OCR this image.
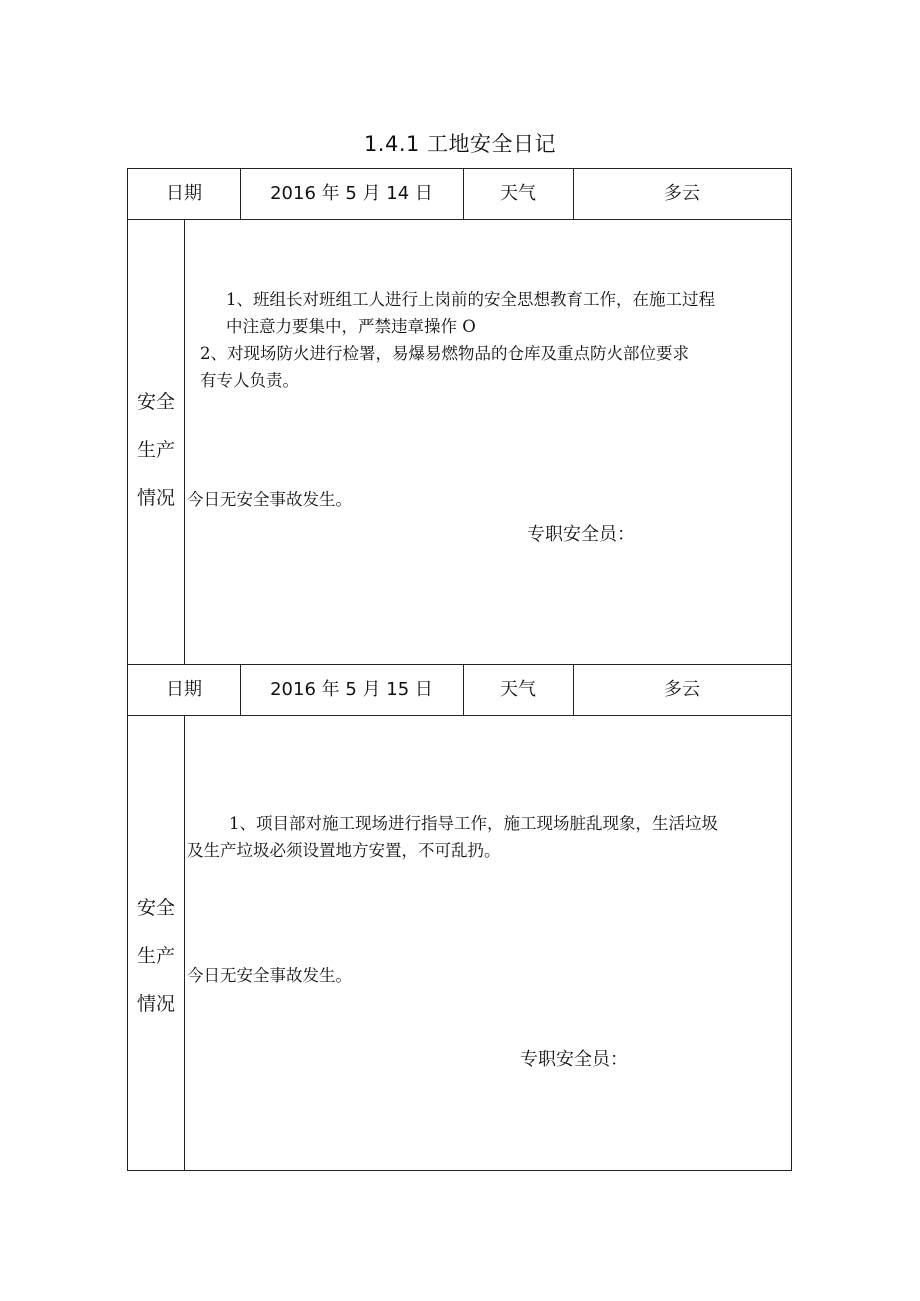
1.4.1 工地安全日记
日期	2016 年 5 月 14 日	天气	多云
安全
生产
情况
1、班组长对班组工人进行上岗前的安全思想教育工作，在施工过程
中注意力要集中，严禁违章操作 O
2、对现场防火进行检署，易爆易燃物品的仓库及重点防火部位要求
有专人负责。
今日无安全事故发生。
专职安全员：
日期	2016 年 5 月 15 日	天气	多云
安全
生产
情况
1、项目部对施工现场进行指导工作，施工现场脏乱现象，生活垃圾
及生产垃圾必须设置地方安置，不可乱扔。
今日无安全事故发生。
专职安全员：
